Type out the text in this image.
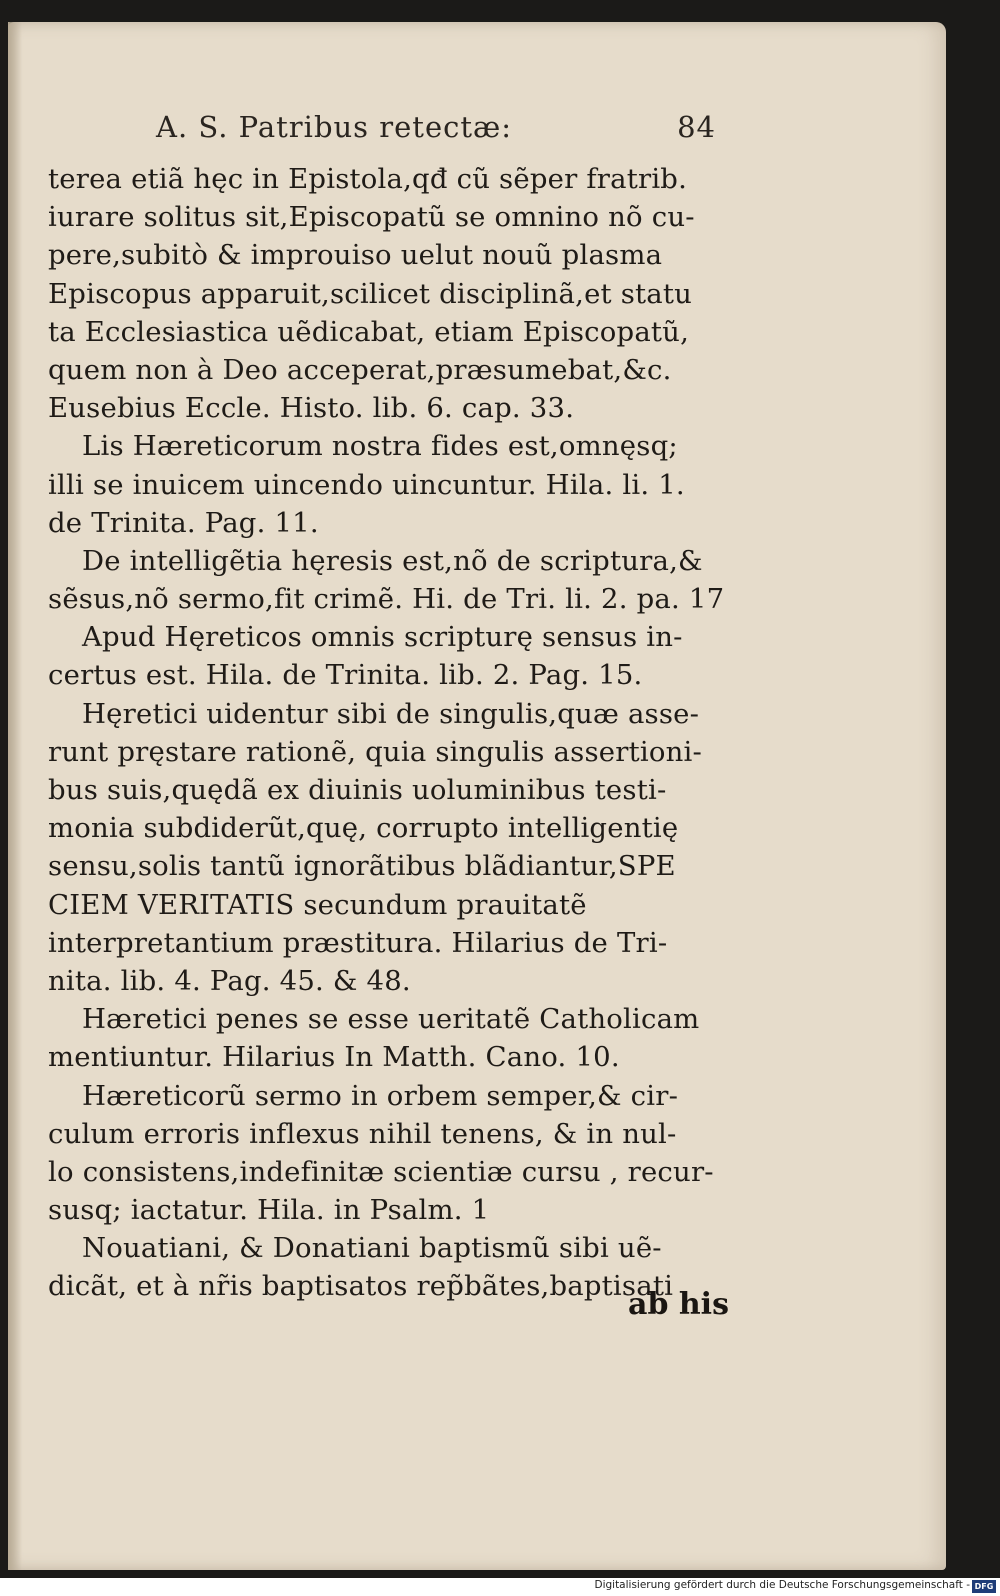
A. S. Patribus retectæ:	84
terea etiã hęc in Epistola,qđ cũ sẽper fratrib.
iurare solitus sit,Episcopatũ se omnino nõ cu-
pere,subitò & improuiso uelut nouũ plasma
Episcopus apparuit,scilicet disciplinã,et statu
ta Ecclesiastica uẽdicabat, etiam Episcopatũ,
quem non à Deo acceperat,præsumebat,&c.
Eusebius Eccle. Histo. lib. 6. cap. 33.
Lis Hæreticorum nostra fides est,omnęsq;
illi se inuicem uincendo uincuntur. Hila. li. 1.
de Trinita. Pag. 11.
De intelligẽtia hęresis est,nõ de scriptura,&
sẽsus,nõ sermo,fit crimẽ. Hi. de Tri. li. 2. pa. 17
Apud Hęreticos omnis scripturę sensus in-
certus est. Hila. de Trinita. lib. 2. Pag. 15.
Hęretici uidentur sibi de singulis,quæ asse-
runt pręstare rationẽ, quia singulis assertioni-
bus suis,quędã ex diuinis uoluminibus testi-
monia subdiderũt,quę, corrupto intelligentię
sensu,solis tantũ ignorãtibus blãdiantur,SPE
CIEM VERITATIS secundum prauitatẽ
interpretantium præstitura. Hilarius de Tri-
nita. lib. 4. Pag. 45. & 48.
Hæretici penes se esse ueritatẽ Catholicam
mentiuntur. Hilarius In Matth. Cano. 10.
Hæreticorũ sermo in orbem semper,& cir-
culum erroris inflexus nihil tenens, & in nul-
lo consistens,indefinitæ scientiæ cursu , recur-
susq; iactatur. Hila. in Psalm. 1
Nouatiani, & Donatiani baptismũ sibi uẽ-
dicãt, et à nr̃is baptisatos rep̃bãtes,baptisati
ab his
Digitalisierung gefördert durch die Deutsche Forschungsgemeinschaft - DFG
